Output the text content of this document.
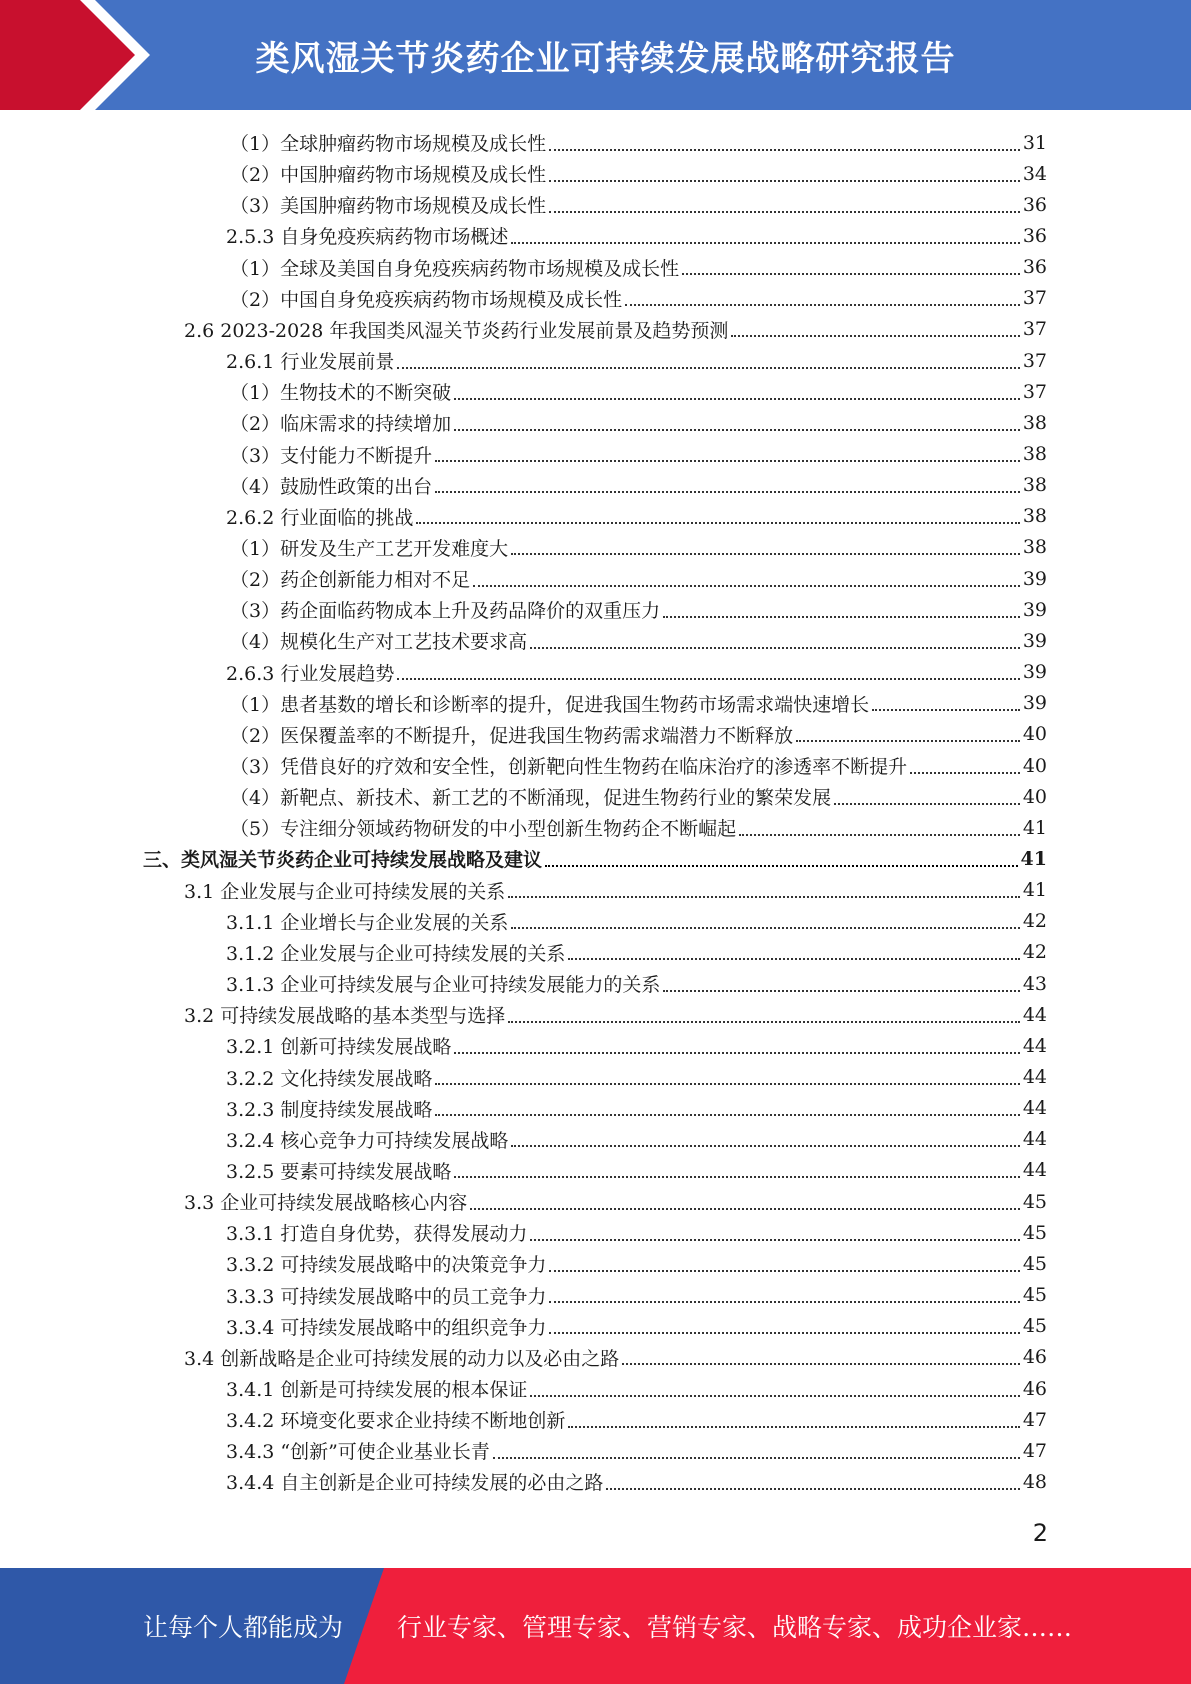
类风湿关节炎药企业可持续发展战略研究报告
（1）全球肿瘤药物市场规模及成长性	31
（2）中国肿瘤药物市场规模及成长性	34
（3）美国肿瘤药物市场规模及成长性	36
2.5.3 自身免疫疾病药物市场概述	36
（1）全球及美国自身免疫疾病药物市场规模及成长性	36
（2）中国自身免疫疾病药物市场规模及成长性	37
2.6 2023-2028 年我国类风湿关节炎药行业发展前景及趋势预测	37
2.6.1 行业发展前景	37
（1）生物技术的不断突破	37
（2）临床需求的持续增加	38
（3）支付能力不断提升	38
（4）鼓励性政策的出台	38
2.6.2 行业面临的挑战	38
（1）研发及生产工艺开发难度大	38
（2）药企创新能力相对不足	39
（3）药企面临药物成本上升及药品降价的双重压力	39
（4）规模化生产对工艺技术要求高	39
2.6.3 行业发展趋势	39
（1）患者基数的增长和诊断率的提升，促进我国生物药市场需求端快速增长	39
（2）医保覆盖率的不断提升，促进我国生物药需求端潜力不断释放	40
（3）凭借良好的疗效和安全性，创新靶向性生物药在临床治疗的渗透率不断提升	40
（4）新靶点、新技术、新工艺的不断涌现，促进生物药行业的繁荣发展	40
（5）专注细分领域药物研发的中小型创新生物药企不断崛起	41
三、类风湿关节炎药企业可持续发展战略及建议	41
3.1 企业发展与企业可持续发展的关系	41
3.1.1 企业增长与企业发展的关系	42
3.1.2 企业发展与企业可持续发展的关系	42
3.1.3 企业可持续发展与企业可持续发展能力的关系	43
3.2 可持续发展战略的基本类型与选择	44
3.2.1 创新可持续发展战略	44
3.2.2 文化持续发展战略	44
3.2.3 制度持续发展战略	44
3.2.4 核心竞争力可持续发展战略	44
3.2.5 要素可持续发展战略	44
3.3 企业可持续发展战略核心内容	45
3.3.1 打造自身优势，获得发展动力	45
3.3.2 可持续发展战略中的决策竞争力	45
3.3.3 可持续发展战略中的员工竞争力	45
3.3.4 可持续发展战略中的组织竞争力	45
3.4 创新战略是企业可持续发展的动力以及必由之路	46
3.4.1 创新是可持续发展的根本保证	46
3.4.2 环境变化要求企业持续不断地创新	47
3.4.3 “创新”可使企业基业长青	47
3.4.4 自主创新是企业可持续发展的必由之路	48
2
让每个人都能成为 行业专家、管理专家、营销专家、战略专家、成功企业家……
